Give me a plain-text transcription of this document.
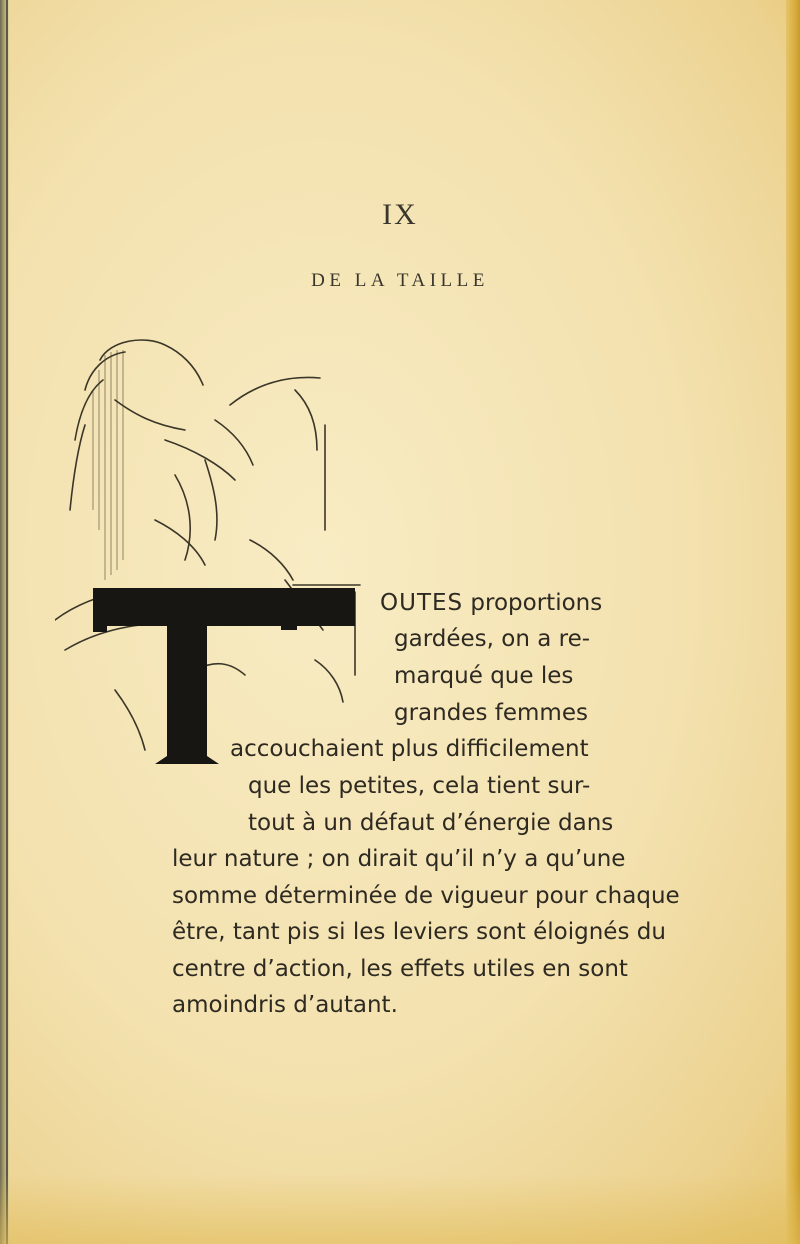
IX
DE LA TAILLE
OUTES proportions
gardées, on a re-
marqué que les
grandes femmes
accouchaient plus difficilement
que les petites, cela tient sur-
tout à un défaut d’énergie dans
leur nature ; on dirait qu’il n’y a qu’une
somme déterminée de vigueur pour chaque
être, tant pis si les leviers sont éloignés du
centre d’action, les effets utiles en sont
amoindris d’autant.
